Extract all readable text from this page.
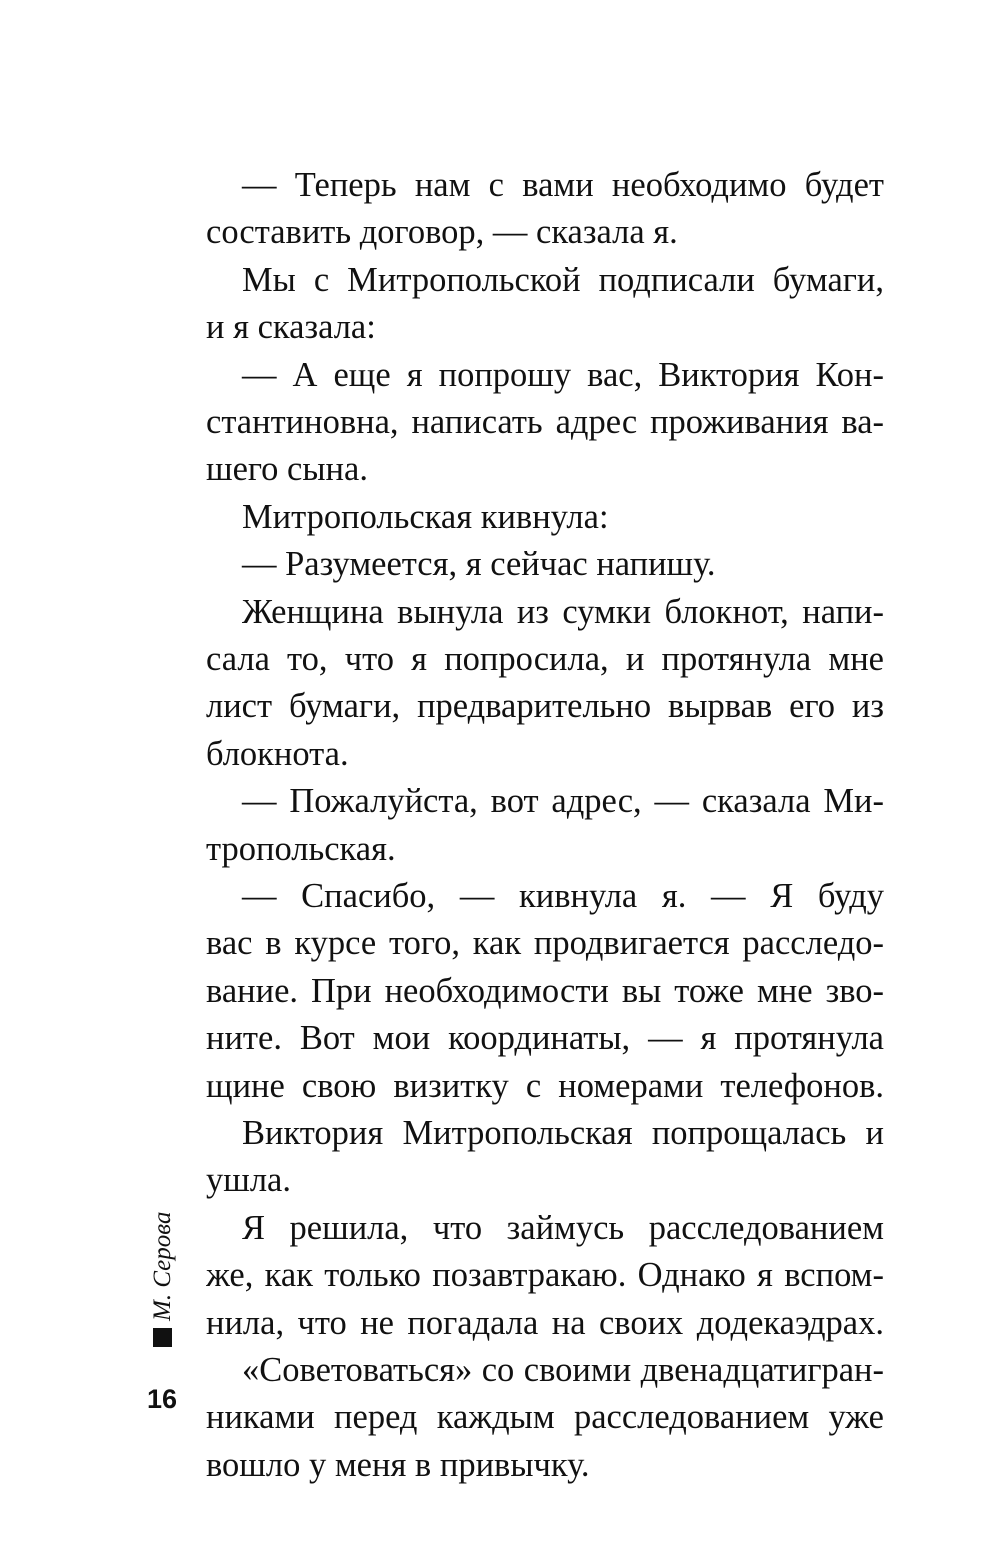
— Теперь нам с вами необходимо будет
составить договор, — сказала я.
Мы с Митропольской подписали бумаги,
и я сказала:
— А еще я попрошу вас, Виктория Кон-
стантиновна, написать адрес проживания ва-
шего сына.
Митропольская кивнула:
— Разумеется, я сейчас напишу.
Женщина вынула из сумки блокнот, напи-
сала то, что я попросила, и протянула мне
лист бумаги, предварительно вырвав его из
блокнота.
— Пожалуйста, вот адрес, — сказала Ми-
тропольская.
— Спасибо, — кивнула я. — Я буду
вас в курсе того, как продвигается расследо-
вание. При необходимости вы тоже мне зво-
ните. Вот мои координаты, — я протянула
щине свою визитку с номерами телефонов.
Виктория Митропольская попрощалась и
ушла.
Я решила, что займусь расследованием
же, как только позавтракаю. Однако я вспом-
нила, что не погадала на своих додекаэдрах.
«Советоваться» со своими двенадцатигран-
никами перед каждым расследованием уже
вошло у меня в привычку.
М. Серова
16
